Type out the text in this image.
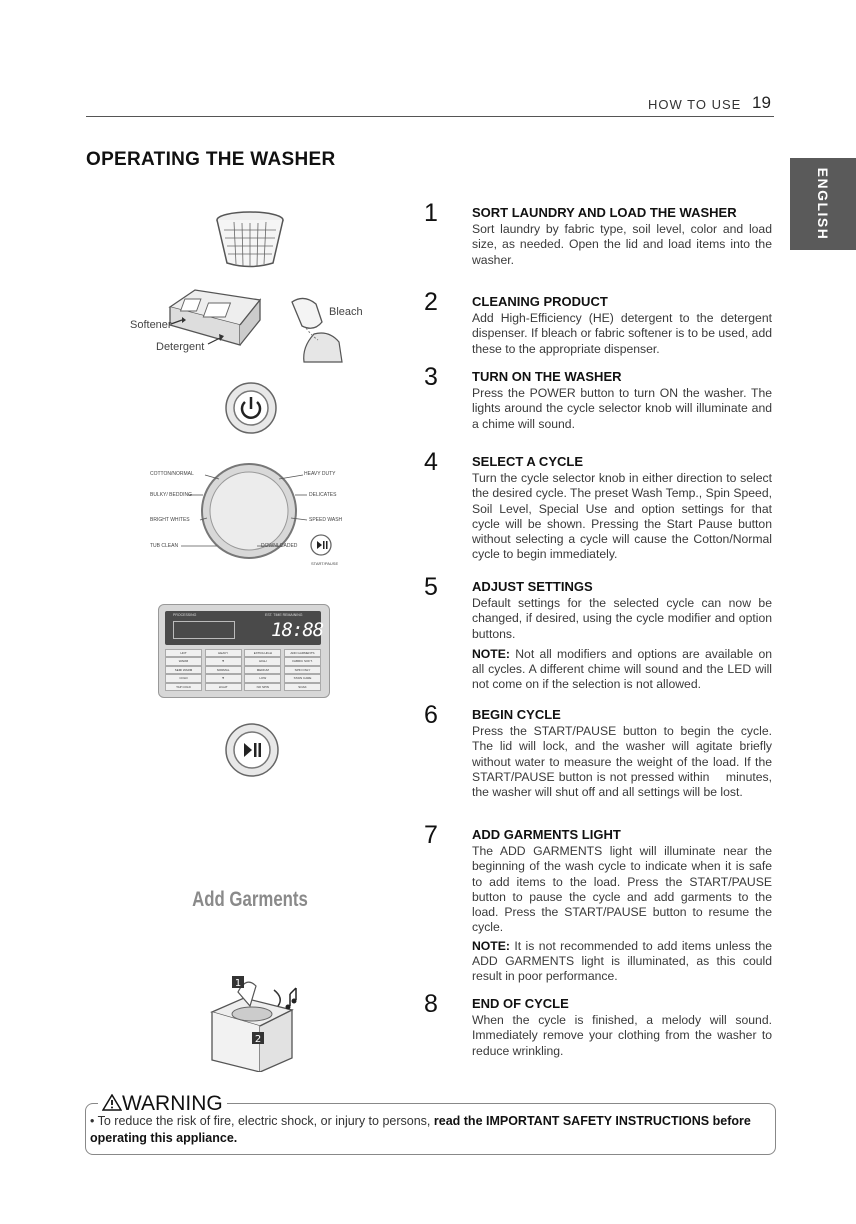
HOW TO USE 19
OPERATING THE WASHER
ENGLISH
Softener
Detergent
Bleach
COTTON/NORMAL	HEAVY DUTY
BULKY/ BEDDING	DELICATES
BRIGHT WHITES	SPEED WASH
TUB CLEAN	DOWNLOADED
START/PAUSE
PROCESSING	EST. TIME REMAINING
18:88
HOT
WARM
SEMI WARM
COLD
TAP COLD
HEAVY
▼
NORMAL
▼
LIGHT
EXTRA HIGH
HIGH
MEDIUM
LOW
NO SPIN
ADD GARMENTS
FABRIC SOFT.
SPIN ONLY
STAIN CARE
SOAK
Add Garments
1
2
1	SORT LAUNDRY AND LOAD THE WASHER
Sort laundry by fabric type, soil level, color and load size, as needed. Open the lid and load items into the washer.
2	CLEANING PRODUCT
Add High-Efficiency (HE) detergent to the detergent dispenser. If bleach or fabric softener is to be used, add these to the appropriate dispenser.
3	TURN ON THE WASHER
Press the POWER button to turn ON the washer. The lights around the cycle selector knob will illuminate and a chime will sound.
4	SELECT A CYCLE
Turn the cycle selector knob in either direction to select the desired cycle. The preset Wash Temp., Spin Speed, Soil Level, Special Use and option settings for that cycle will be shown. Pressing the Start Pause button without selecting a cycle will cause the Cotton/Normal cycle to begin immediately.
5	ADJUST SETTINGS
Default settings for the selected cycle can now be changed, if desired, using the cycle modifier and option buttons.
NOTE: Not all modifiers and options are available on all cycles. A different chime will sound and the LED will not come on if the selection is not allowed.
6	BEGIN CYCLE
Press the START/PAUSE button to begin the cycle. The lid will lock, and the washer will agitate briefly without water to measure the weight of the load. If the START/PAUSE button is not pressed within    minutes, the washer will shut off and all settings will be lost.
7	ADD GARMENTS LIGHT
The ADD GARMENTS light will illuminate near the beginning of the wash cycle to indicate when it is safe to add items to the load. Press the START/PAUSE button to pause the cycle and add garments to the load. Press the START/PAUSE button to resume the cycle.
NOTE: It is not recommended to add items unless the ADD GARMENTS light is illuminated, as this could result in poor performance.
8	END OF CYCLE
When the cycle is finished, a melody will sound. Immediately remove your clothing from the washer to reduce wrinkling.
WARNING
• To reduce the risk of fire, electric shock, or injury to persons, read the IMPORTANT SAFETY INSTRUCTIONS before operating this appliance.
